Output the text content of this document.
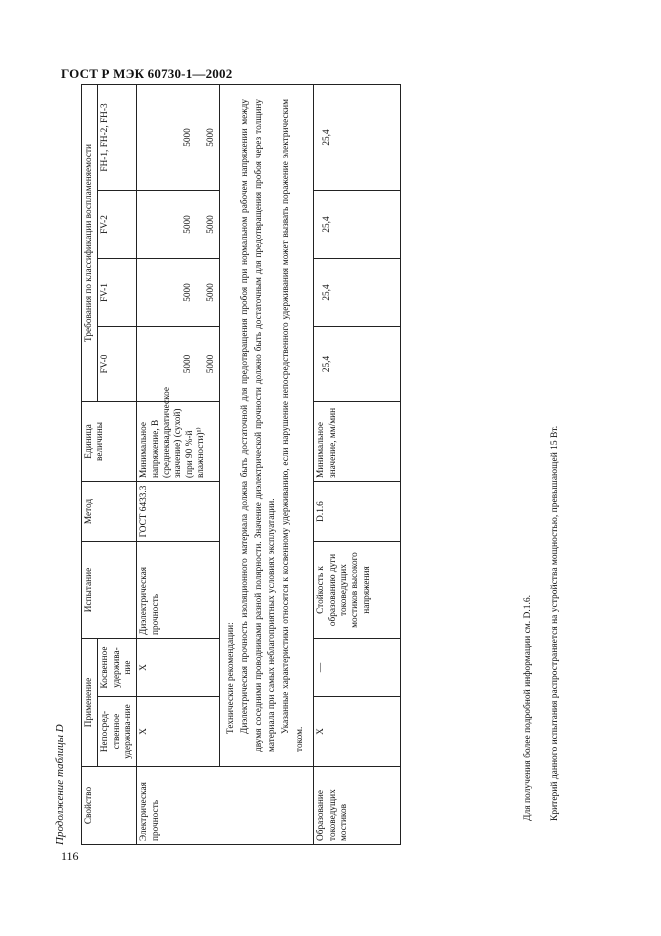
ГОСТ Р МЭК 60730-1—2002
116
Продолжение таблицы D Свойство	Применение		Испытание	Метод	Единица величины	Требования по классификации воспламеняемости			
	Непосред-ственное удержива-ние	Косвенное удержива-ние				FV-0	FV-1	FV-2	FH-1, FH-2, FH-3
Электрическая прочность	X	X	Диэлектрическая прочность	ГОСТ 6433.3	Минимальное напряжение, В (среднеквадратическое значение) (сухой) (при 90 %-й влажности)¹⁾	5000 5000	5000 5000	5000 5000	5000 5000

	Технические рекомендации: Диэлектрическая прочность изоляционного материала должна быть достаточной для предотвращения пробоя при нормальном рабочем напряжении между двумя соседними проводниками разной полярности. Значение диэлектрической прочности должно быть достаточным для предотвращения пробоя через толщину материала при самых неблагоприятных условиях эксплуатации. Указанные характеристики относятся к косвенному удерживанию, если нарушение непосредственного удерживания может вызвать поражение электрическим током.								

Образование токоведущих мостиков	X	—	Стойкость к образованию дуги токоведущих мостиков высокого напряжения	D.1.6	Минимальное значение, мм/мин	25,4	25,4	25,4	25,4

Для получения более подробной информации см. D.1.6. Критерий данного испытания распространяется на устройства мощностью, превышающей 15 Вт.
